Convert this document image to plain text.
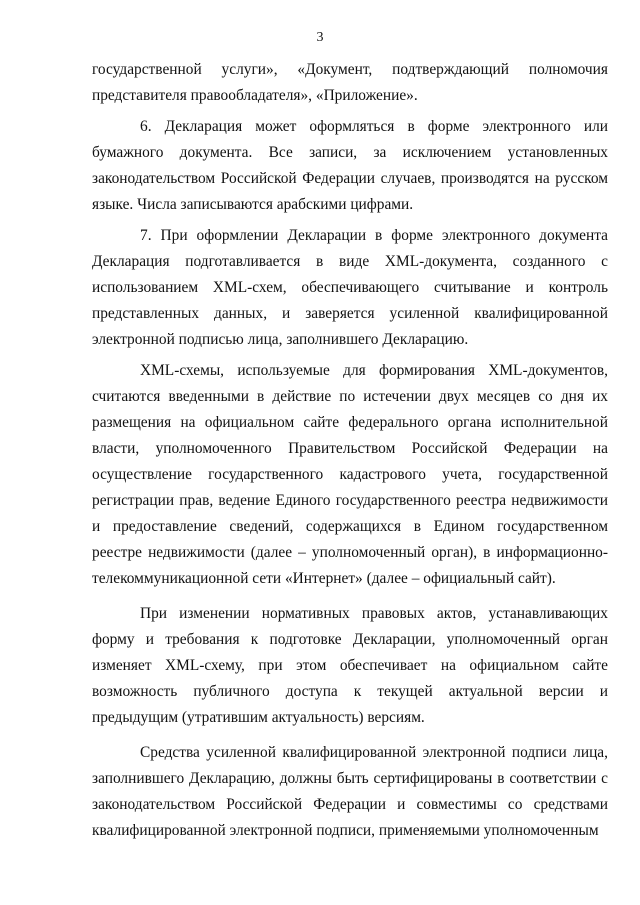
3

государственной услуги», «Документ, подтверждающий полномочия представителя правообладателя», «Приложение».

6. Декларация может оформляться в форме электронного или бумажного документа. Все записи, за исключением установленных законодательством Российской Федерации случаев, производятся на русском языке. Числа записываются арабскими цифрами.

7. При оформлении Декларации в форме электронного документа Декларация подготавливается в виде XML-документа, созданного с использованием XML-схем, обеспечивающего считывание и контроль представленных данных, и заверяется усиленной квалифицированной электронной подписью лица, заполнившего Декларацию.

XML-схемы, используемые для формирования XML-документов, считаются введенными в действие по истечении двух месяцев со дня их размещения на официальном сайте федерального органа исполнительной власти, уполномоченного Правительством Российской Федерации на осуществление государственного кадастрового учета, государственной регистрации прав, ведение Единого государственного реестра недвижимости и предоставление сведений, содержащихся в Едином государственном реестре недвижимости (далее – уполномоченный орган), в информационно-телекоммуникационной сети «Интернет» (далее – официальный сайт).

При изменении нормативных правовых актов, устанавливающих форму и требования к подготовке Декларации, уполномоченный орган изменяет XML-схему, при этом обеспечивает на официальном сайте возможность публичного доступа к текущей актуальной версии и предыдущим (утратившим актуальность) версиям.

Средства усиленной квалифицированной электронной подписи лица, заполнившего Декларацию, должны быть сертифицированы в соответствии с законодательством Российской Федерации и совместимы со средствами квалифицированной электронной подписи, применяемыми уполномоченным
